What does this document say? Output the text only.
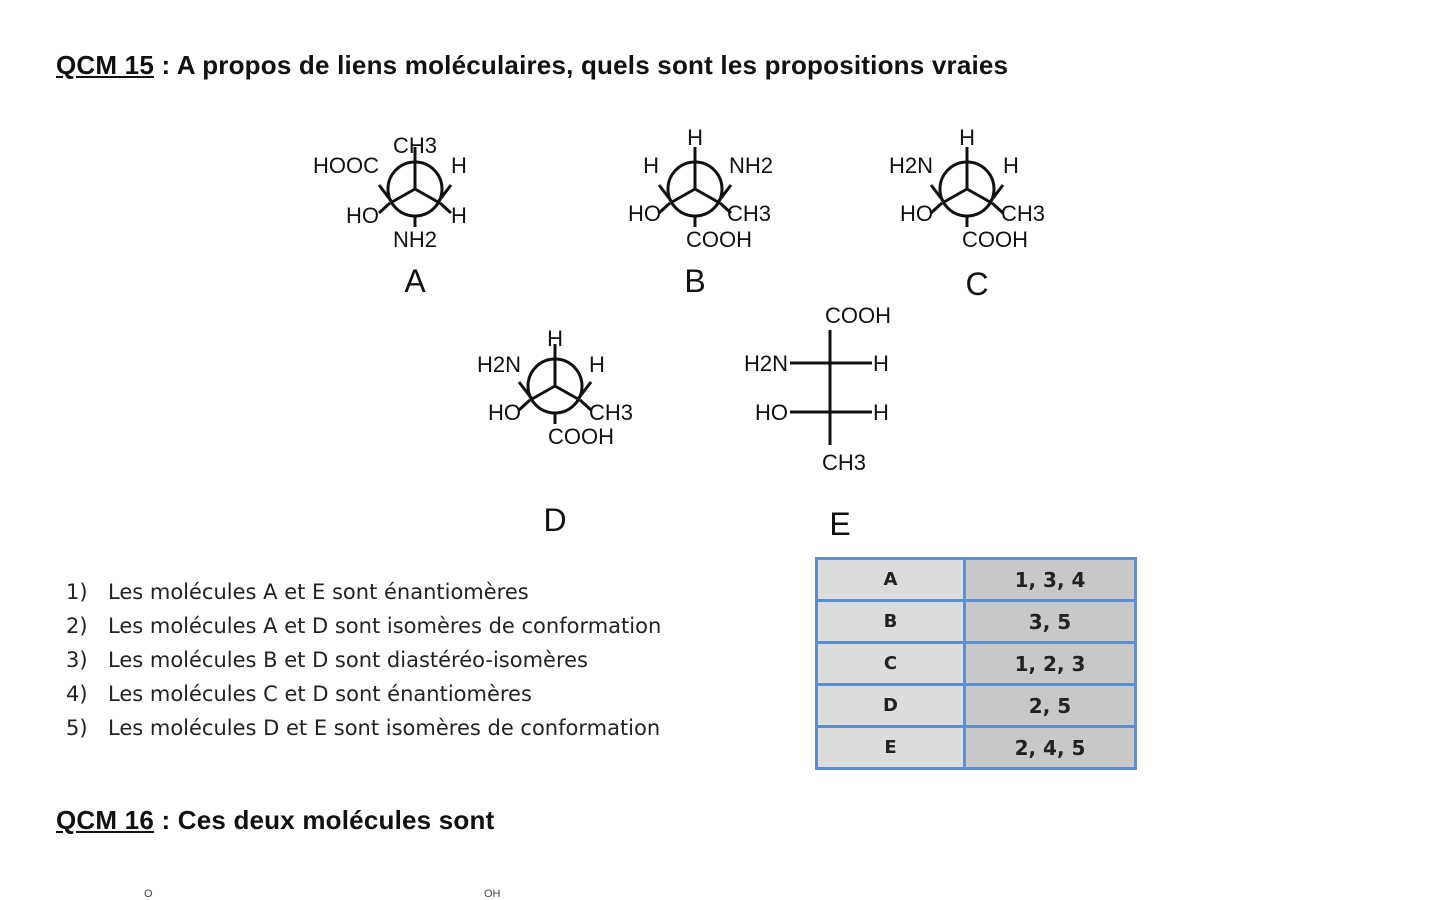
QCM 15 : A propos de liens moléculaires, quels sont les propositions vraies
CH3
HOOC	H
HO	H
NH2
A
H
H	NH2
HO	CH3
COOH
B
H
H2N	H
HO	CH3
COOH
C
H
H2N	H
HO	CH3
COOH
D
COOH
H2N	H
HO	H
CH3
E
1) Les molécules A et E sont énantiomères
2) Les molécules A et D sont isomères de conformation
3) Les molécules B et D sont diastéréo-isomères
4) Les molécules C et D sont énantiomères
5) Les molécules D et E sont isomères de conformation
A	1, 3, 4
B	3, 5
C	1, 2, 3
D	2, 5
E	2, 4, 5
QCM 16 : Ces deux molécules sont
O	OH
